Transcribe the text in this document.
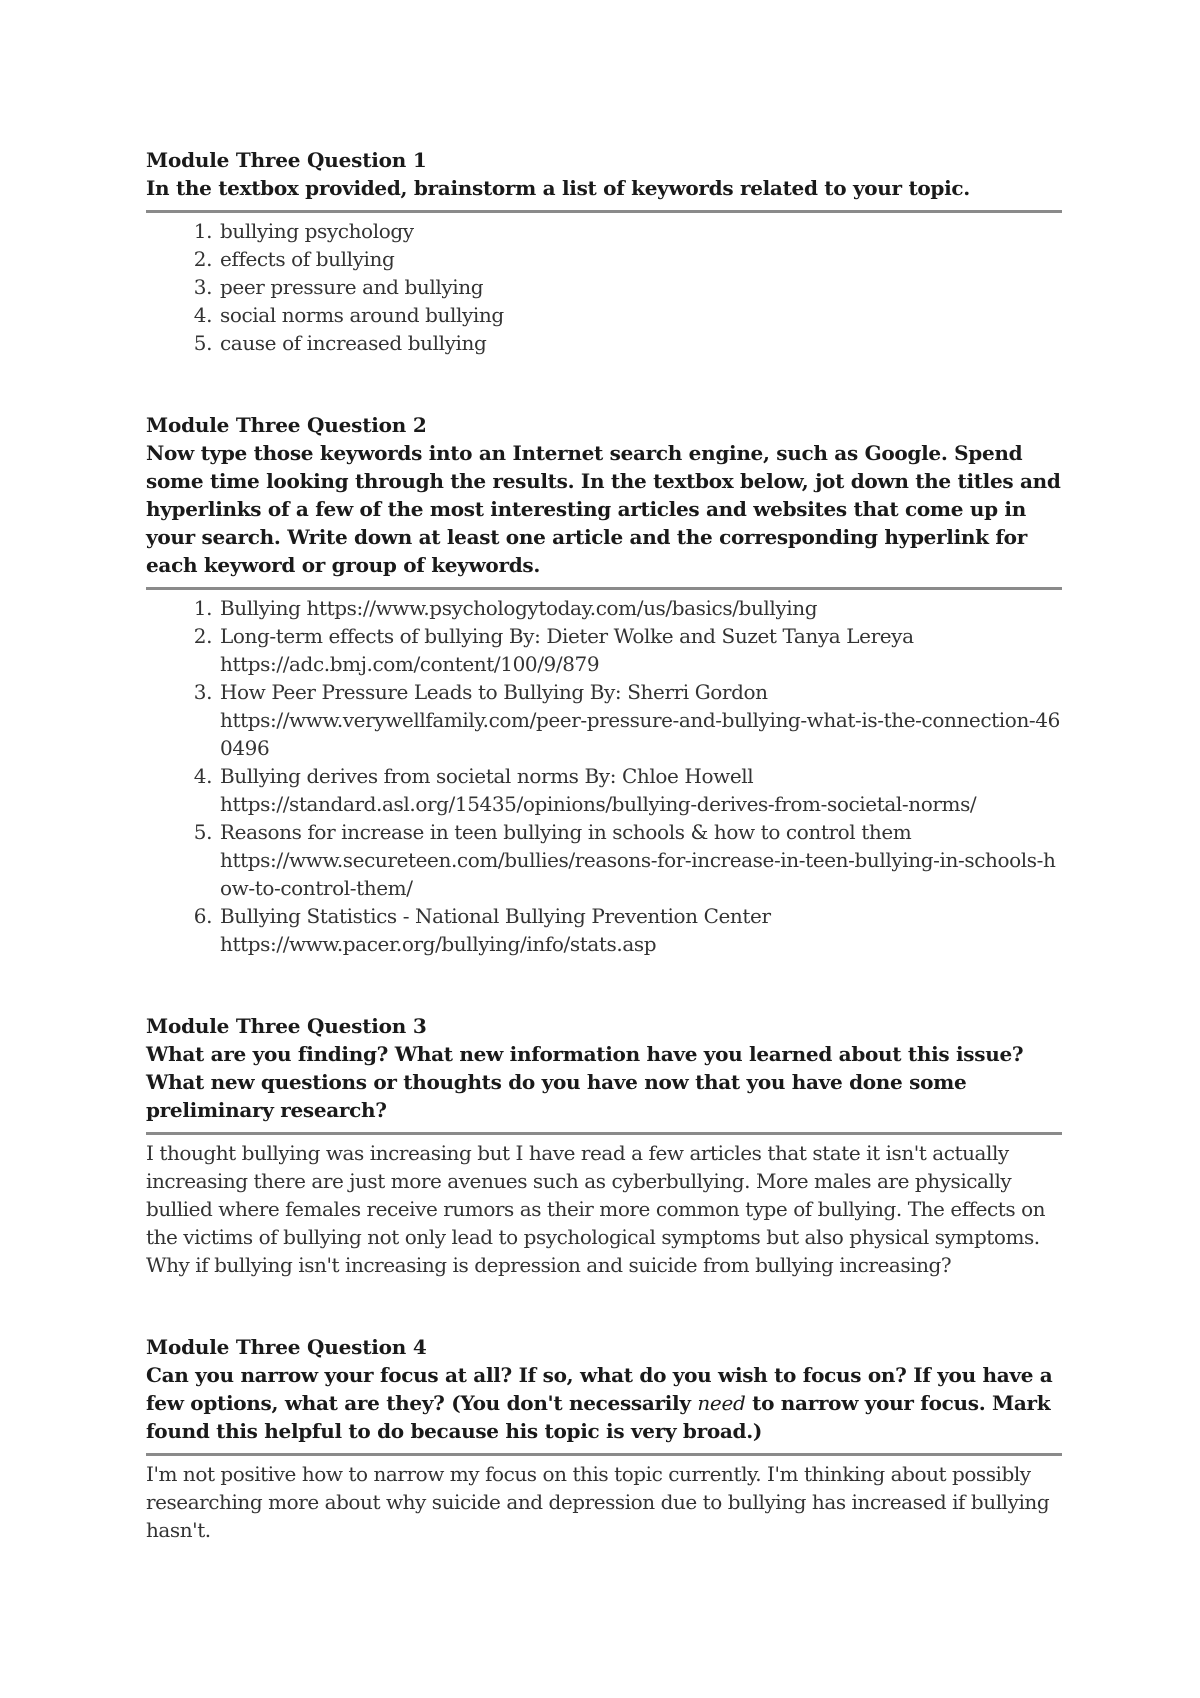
Module Three Question 1

In the textbox provided, brainstorm a list of keywords related to your topic.

1. bullying psychology
2. effects of bullying
3. peer pressure and bullying
4. social norms around bullying
5. cause of increased bullying

Module Three Question 2

Now type those keywords into an Internet search engine, such as Google. Spend some time looking through the results. In the textbox below, jot down the titles and hyperlinks of a few of the most interesting articles and websites that come up in your search. Write down at least one article and the corresponding hyperlink for each keyword or group of keywords.

1. Bullying https://www.psychologytoday.com/us/basics/bullying
2. Long-term effects of bullying By: Dieter Wolke and Suzet Tanya Lereya
https://adc.bmj.com/content/100/9/879
3. How Peer Pressure Leads to Bullying By: Sherri Gordon
https://www.verywellfamily.com/peer-pressure-and-bullying-what-is-the-connection-460496
4. Bullying derives from societal norms By: Chloe Howell
https://standard.asl.org/15435/opinions/bullying-derives-from-societal-norms/
5. Reasons for increase in teen bullying in schools & how to control them
https://www.secureteen.com/bullies/reasons-for-increase-in-teen-bullying-in-schools-how-to-control-them/
6. Bullying Statistics - National Bullying Prevention Center
https://www.pacer.org/bullying/info/stats.asp

Module Three Question 3

What are you finding? What new information have you learned about this issue? What new questions or thoughts do you have now that you have done some preliminary research?

I thought bullying was increasing but I have read a few articles that state it isn't actually increasing there are just more avenues such as cyberbullying. More males are physically bullied where females receive rumors as their more common type of bullying. The effects on the victims of bullying not only lead to psychological symptoms but also physical symptoms. Why if bullying isn't increasing is depression and suicide from bullying increasing?

Module Three Question 4

Can you narrow your focus at all? If so, what do you wish to focus on? If you have a few options, what are they? (You don't necessarily need to narrow your focus. Mark found this helpful to do because his topic is very broad.)

I'm not positive how to narrow my focus on this topic currently. I'm thinking about possibly researching more about why suicide and depression due to bullying has increased if bullying hasn't.
